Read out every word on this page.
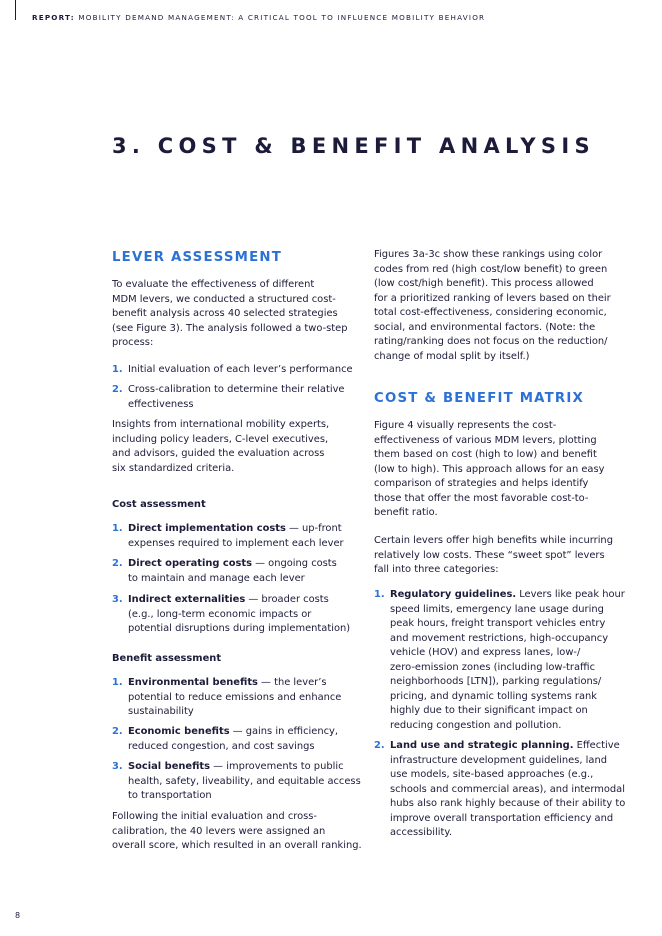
REPORT: MOBILITY DEMAND MANAGEMENT: A CRITICAL TOOL TO INFLUENCE MOBILITY BEHAVIOR
3. COST & BENEFIT ANALYSIS
LEVER ASSESSMENT

To evaluate the effectiveness of different
MDM levers, we conducted a structured cost-
benefit analysis across 40 selected strategies
(see Figure 3). The analysis followed a two-step
process:

1. Initial evaluation of each lever’s performance
2. Cross-calibration to determine their relative
effectiveness

Insights from international mobility experts,
including policy leaders, C-level executives,
and advisors, guided the evaluation across
six standardized criteria.

Cost assessment
1. Direct implementation costs — up-front
expenses required to implement each lever
2. Direct operating costs — ongoing costs
to maintain and manage each lever
3. Indirect externalities — broader costs
(e.g., long-term economic impacts or
potential disruptions during implementation)
Benefit assessment
1. Environmental benefits — the lever’s
potential to reduce emissions and enhance
sustainability
2. Economic benefits — gains in efficiency,
reduced congestion, and cost savings
3. Social benefits — improvements to public
health, safety, liveability, and equitable access
to transportation

Following the initial evaluation and cross-
calibration, the 40 levers were assigned an
overall score, which resulted in an overall ranking.

Figures 3a-3c show these rankings using color
codes from red (high cost/low benefit) to green
(low cost/high benefit). This process allowed
for a prioritized ranking of levers based on their
total cost-effectiveness, considering economic,
social, and environmental factors. (Note: the
rating/ranking does not focus on the reduction/
change of modal split by itself.)

COST & BENEFIT MATRIX

Figure 4 visually represents the cost-
effectiveness of various MDM levers, plotting
them based on cost (high to low) and benefit
(low to high). This approach allows for an easy
comparison of strategies and helps identify
those that offer the most favorable cost-to-
benefit ratio.

Certain levers offer high benefits while incurring
relatively low costs. These “sweet spot” levers
fall into three categories:

1. Regulatory guidelines. Levers like peak hour
speed limits, emergency lane usage during
peak hours, freight transport vehicles entry
and movement restrictions, high-occupancy
vehicle (HOV) and express lanes, low-/
zero-emission zones (including low-traffic
neighborhoods [LTN]), parking regulations/
pricing, and dynamic tolling systems rank
highly due to their significant impact on
reducing congestion and pollution.
2. Land use and strategic planning. Effective
infrastructure development guidelines, land
use models, site-based approaches (e.g.,
schools and commercial areas), and intermodal
hubs also rank highly because of their ability to
improve overall transportation efficiency and
accessibility.
8
